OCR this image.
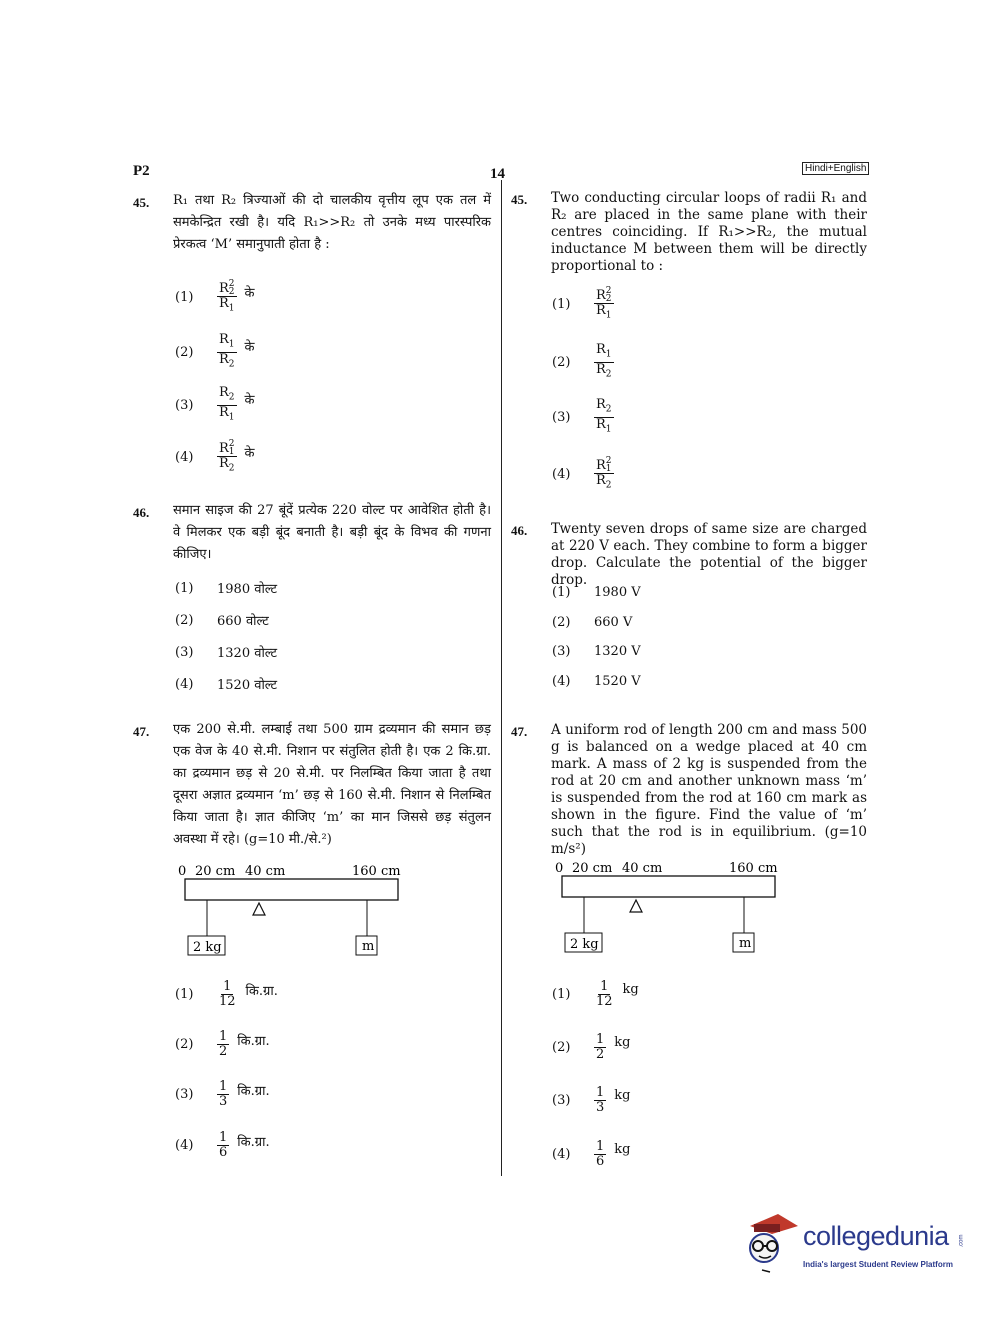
P2	14	Hindi+English
45. R₁ तथा R₂ त्रिज्याओं की दो चालकीय वृत्तीय लूप एक तल में समकेन्द्रित रखी है। यदि R₁>>R₂ तो उनके मध्य पारस्परिक प्रेरकत्व ‘M’ समानुपाती होता है :
45. Two conducting circular loops of radii R₁ and R₂ are placed in the same plane with their centres coinciding. If R₁>>R₂, the mutual inductance M between them will be directly proportional to :
46. समान साइज की 27 बूंदें प्रत्येक 220 वोल्ट पर आवेशित होती है। वे मिलकर एक बड़ी बूंद बनाती है। बड़ी बूंद के विभव की गणना कीजिए।
(1)	1980 वोल्ट
(2)	660 वोल्ट
(3)	1320 वोल्ट
(4)	1520 वोल्ट
46. Twenty seven drops of same size are charged at 220 V each. They combine to form a bigger drop. Calculate the potential of the bigger drop.
(1)	1980 V
(2)	660 V
(3)	1320 V
(4)	1520 V
47. एक 200 से.मी. लम्बाई तथा 500 ग्राम द्रव्यमान की समान छड़ एक वेज के 40 से.मी. निशान पर संतुलित होती है। एक 2 कि.ग्रा. का द्रव्यमान छड़ से 20 से.मी. पर निलम्बित किया जाता है तथा दूसरा अज्ञात द्रव्यमान ‘m’ छड़ से 160 से.मी. निशान से निलम्बित किया जाता है। ज्ञात कीजिए ‘m’ का मान जिससे छड़ संतुलन अवस्था में रहे। (g=10 मी./से.²)
0 20 cm 40 cm	160 cm
2 kg	m
47. A uniform rod of length 200 cm and mass 500 g is balanced on a wedge placed at 40 cm mark. A mass of 2 kg is suspended from the rod at 20 cm and another unknown mass ‘m’ is suspended from the rod at 160 cm mark as shown in the figure. Find the value of ‘m’ such that the rod is in equilibrium. (g=10 m/s²)
0 20 cm 40 cm	160 cm
2 kg	m
collegedunia .com
India's largest Student Review Platform
(1)	R 2
2
$R_1$ के
(1)	R 2
2
$R_1$
(2)	$\frac{R_1}{R_2}$ के
(2)	$\frac{R_1}{R_2}$
(3)	$\frac{R_2}{R_1}$ के
(3)	$\frac{R_2}{R_1}$
(4)	R 2
1
$R_2$ के
(4)	R 2
1
$R_2$
(1)	$\frac{1}{12}$ कि.ग्रा.	(1)	$\frac{1}{12}$ kg
(2)	$\frac{1}{2}$ कि.ग्रा.	(2)	$\frac{1}{2}$ kg
(3)	$\frac{1}{3}$ कि.ग्रा.
(3)	$\frac{1}{3}$ kg
(4)	$\frac{1}{6}$ कि.ग्रा.
(4)	$\frac{1}{6}$ kg
